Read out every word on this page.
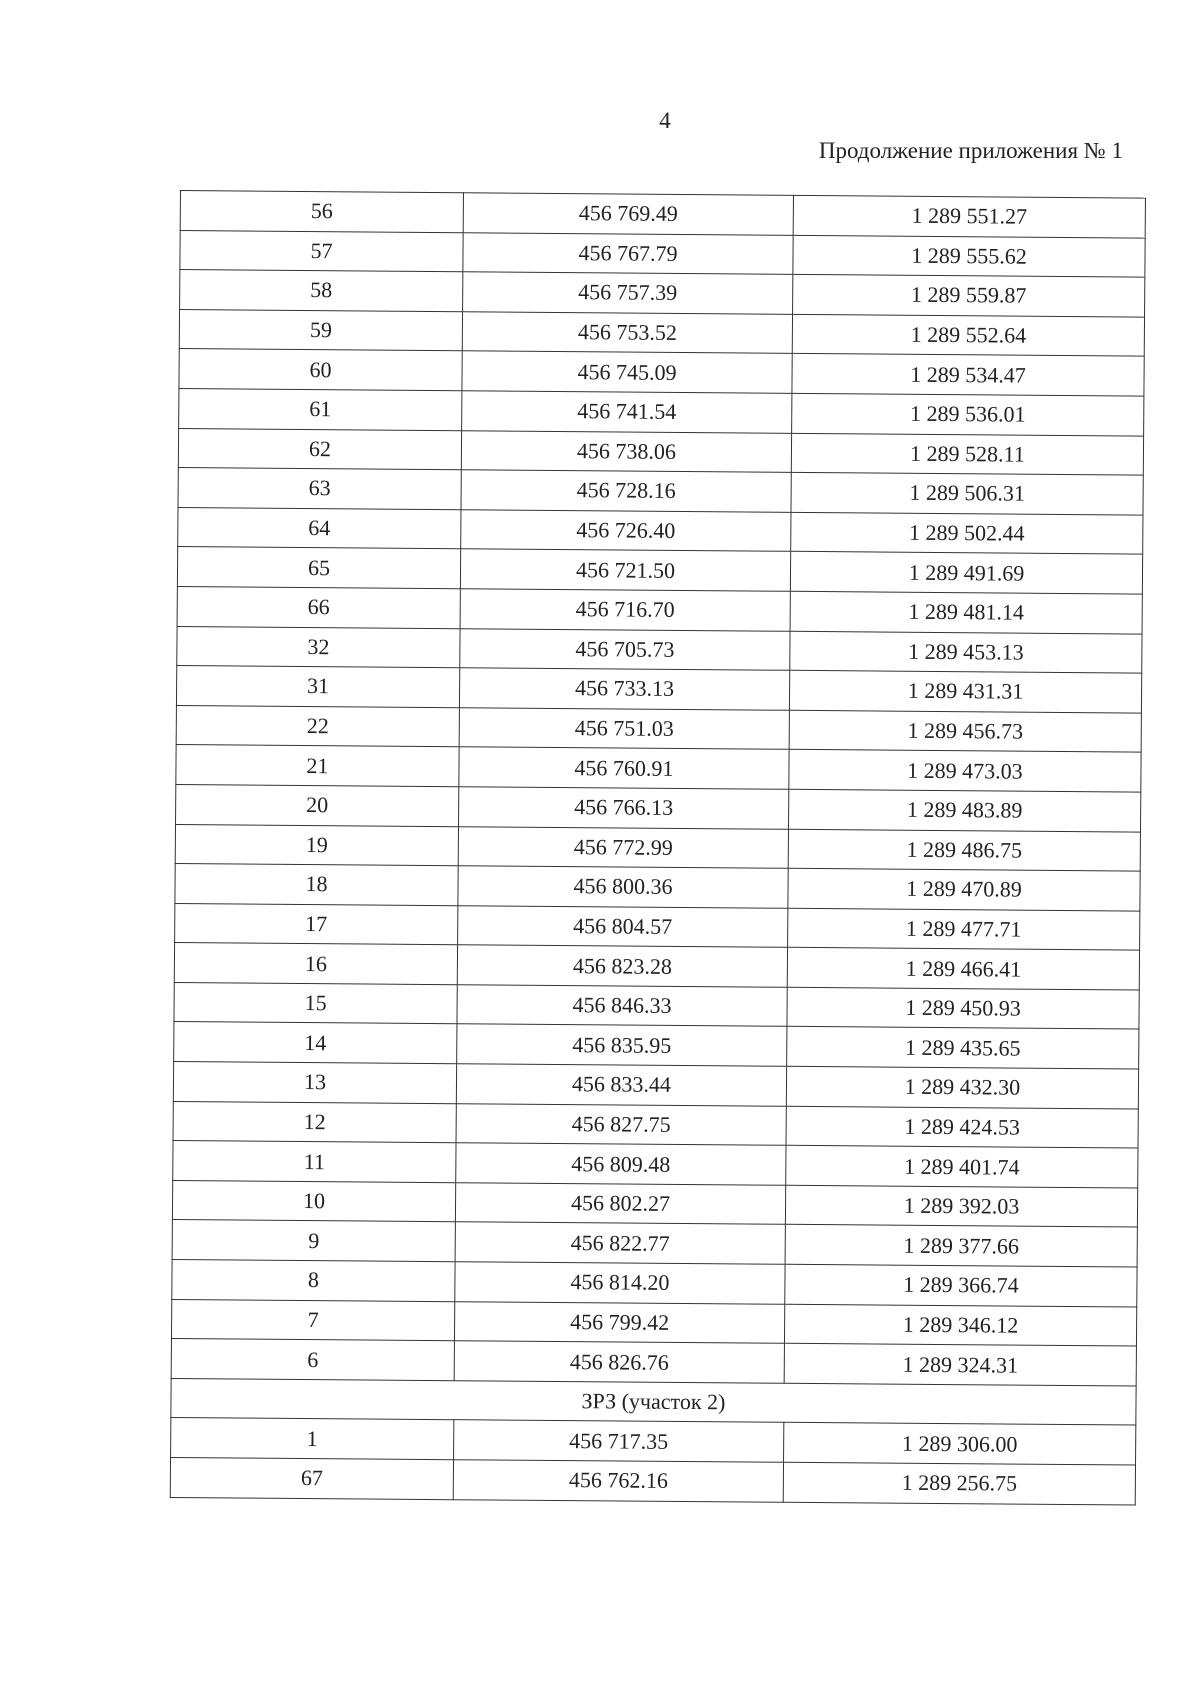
4
Продолжение приложения № 1
56	456 769.49	1 289 551.27
57	456 767.79	1 289 555.62
58	456 757.39	1 289 559.87
59	456 753.52	1 289 552.64
60	456 745.09	1 289 534.47
61	456 741.54	1 289 536.01
62	456 738.06	1 289 528.11
63	456 728.16	1 289 506.31
64	456 726.40	1 289 502.44
65	456 721.50	1 289 491.69
66	456 716.70	1 289 481.14
32	456 705.73	1 289 453.13
31	456 733.13	1 289 431.31
22	456 751.03	1 289 456.73
21	456 760.91	1 289 473.03
20	456 766.13	1 289 483.89
19	456 772.99	1 289 486.75
18	456 800.36	1 289 470.89
17	456 804.57	1 289 477.71
16	456 823.28	1 289 466.41
15	456 846.33	1 289 450.93
14	456 835.95	1 289 435.65
13	456 833.44	1 289 432.30
12	456 827.75	1 289 424.53
11	456 809.48	1 289 401.74
10	456 802.27	1 289 392.03
9	456 822.77	1 289 377.66
8	456 814.20	1 289 366.74
7	456 799.42	1 289 346.12
6	456 826.76	1 289 324.31
ЗРЗ (участок 2)		
1	456 717.35	1 289 306.00
67	456 762.16	1 289 256.75
